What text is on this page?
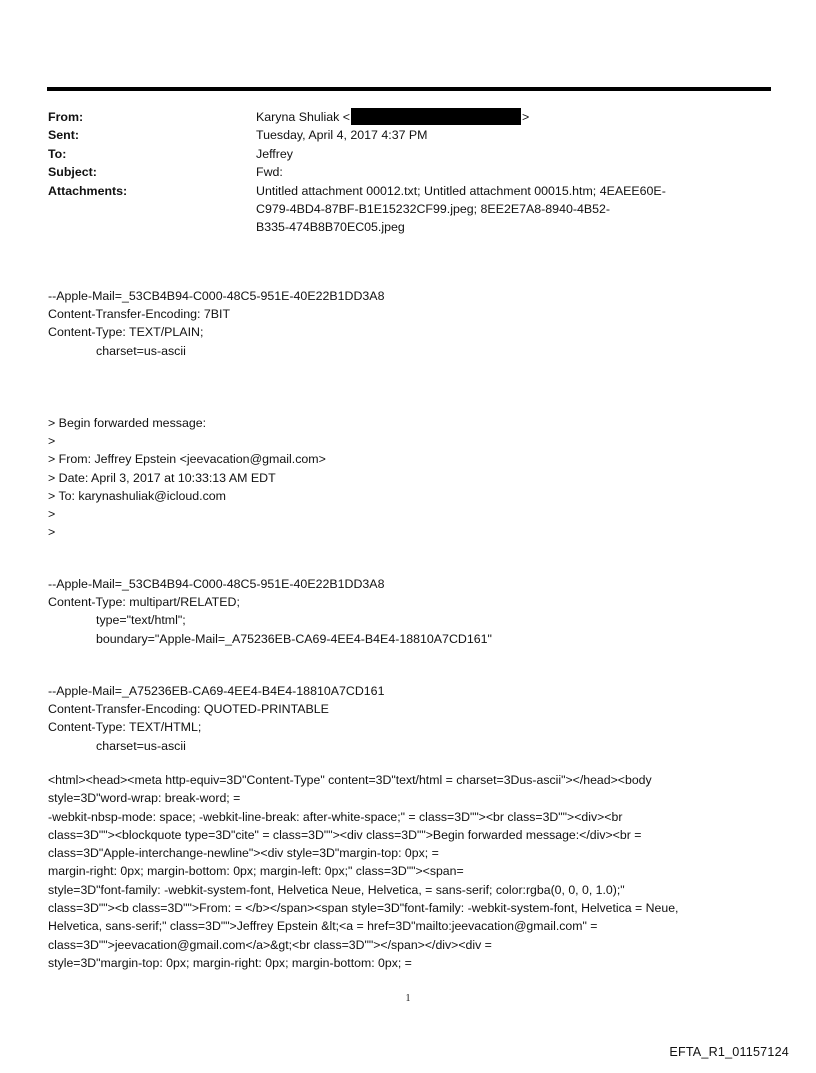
From:	Karyna Shuliak <	>
Sent:	Tuesday, April 4, 2017 4:37 PM
To:	Jeffrey
Subject:	Fwd:
Attachments:	Untitled attachment 00012.txt; Untitled attachment 00015.htm; 4EAEE60E-
C979-4BD4-87BF-B1E15232CF99.jpeg; 8EE2E7A8-8940-4B52-
B335-474B8B70EC05.jpeg
--Apple-Mail=_53CB4B94-C000-48C5-951E-40E22B1DD3A8
Content-Transfer-Encoding: 7BIT
Content-Type: TEXT/PLAIN;
charset=us-ascii
> Begin forwarded message:
>
> From: Jeffrey Epstein <jeevacation@gmail.com>
> Date: April 3, 2017 at 10:33:13 AM EDT
> To: karynashuliak@icloud.com
>
>
--Apple-Mail=_53CB4B94-C000-48C5-951E-40E22B1DD3A8
Content-Type: multipart/RELATED;
type="text/html";
boundary="Apple-Mail=_A75236EB-CA69-4EE4-B4E4-18810A7CD161"
--Apple-Mail=_A75236EB-CA69-4EE4-B4E4-18810A7CD161
Content-Transfer-Encoding: QUOTED-PRINTABLE
Content-Type: TEXT/HTML;
charset=us-ascii
<html><head><meta http-equiv=3D"Content-Type" content=3D"text/html = charset=3Dus-ascii"></head><body
style=3D"word-wrap: break-word; =
-webkit-nbsp-mode: space; -webkit-line-break: after-white-space;" = class=3D""><br class=3D""><div><br
class=3D""><blockquote type=3D"cite" = class=3D""><div class=3D"">Begin forwarded message:</div><br =
class=3D"Apple-interchange-newline"><div style=3D"margin-top: 0px; =
margin-right: 0px; margin-bottom: 0px; margin-left: 0px;" class=3D""><span=
style=3D"font-family: -webkit-system-font, Helvetica Neue, Helvetica, = sans-serif; color:rgba(0, 0, 0, 1.0);"
class=3D""><b class=3D"">From: = </b></span><span style=3D"font-family: -webkit-system-font, Helvetica = Neue,
Helvetica, sans-serif;" class=3D"">Jeffrey Epstein &lt;<a = href=3D"mailto:jeevacation@gmail.com" =
class=3D"">jeevacation@gmail.com</a>&gt;<br class=3D""></span></div><div =
style=3D"margin-top: 0px; margin-right: 0px; margin-bottom: 0px; =
1
EFTA_R1_01157124
